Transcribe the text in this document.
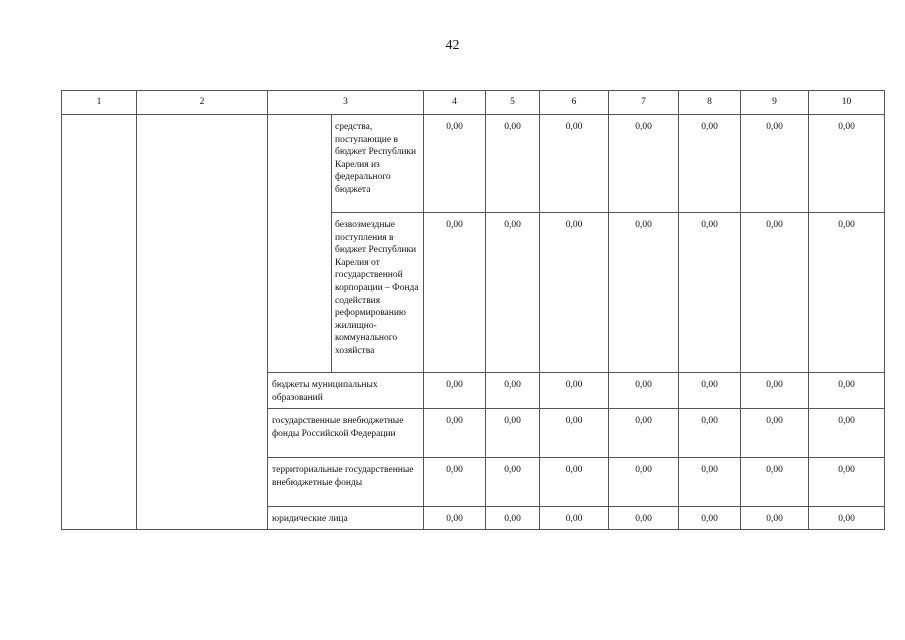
42
1	2	3		4	5	6	7	8	9	10
			средства, поступающие в бюджет Республики Карелия из федерального бюджета	0,00	0,00	0,00	0,00	0,00	0,00	0,00
			безвозмездные поступления в бюджет Республики Карелия от государственной корпорации – Фонда содействия реформированию жилищно-коммунального хозяйства	0,00	0,00	0,00	0,00	0,00	0,00	0,00
		бюджеты муниципальных образований		0,00	0,00	0,00	0,00	0,00	0,00	0,00
		государственные внебюджетные фонды Российской Федерации		0,00	0,00	0,00	0,00	0,00	0,00	0,00
		территориальные государственные внебюджетные фонды		0,00	0,00	0,00	0,00	0,00	0,00	0,00
		юридические лица		0,00	0,00	0,00	0,00	0,00	0,00	0,00
